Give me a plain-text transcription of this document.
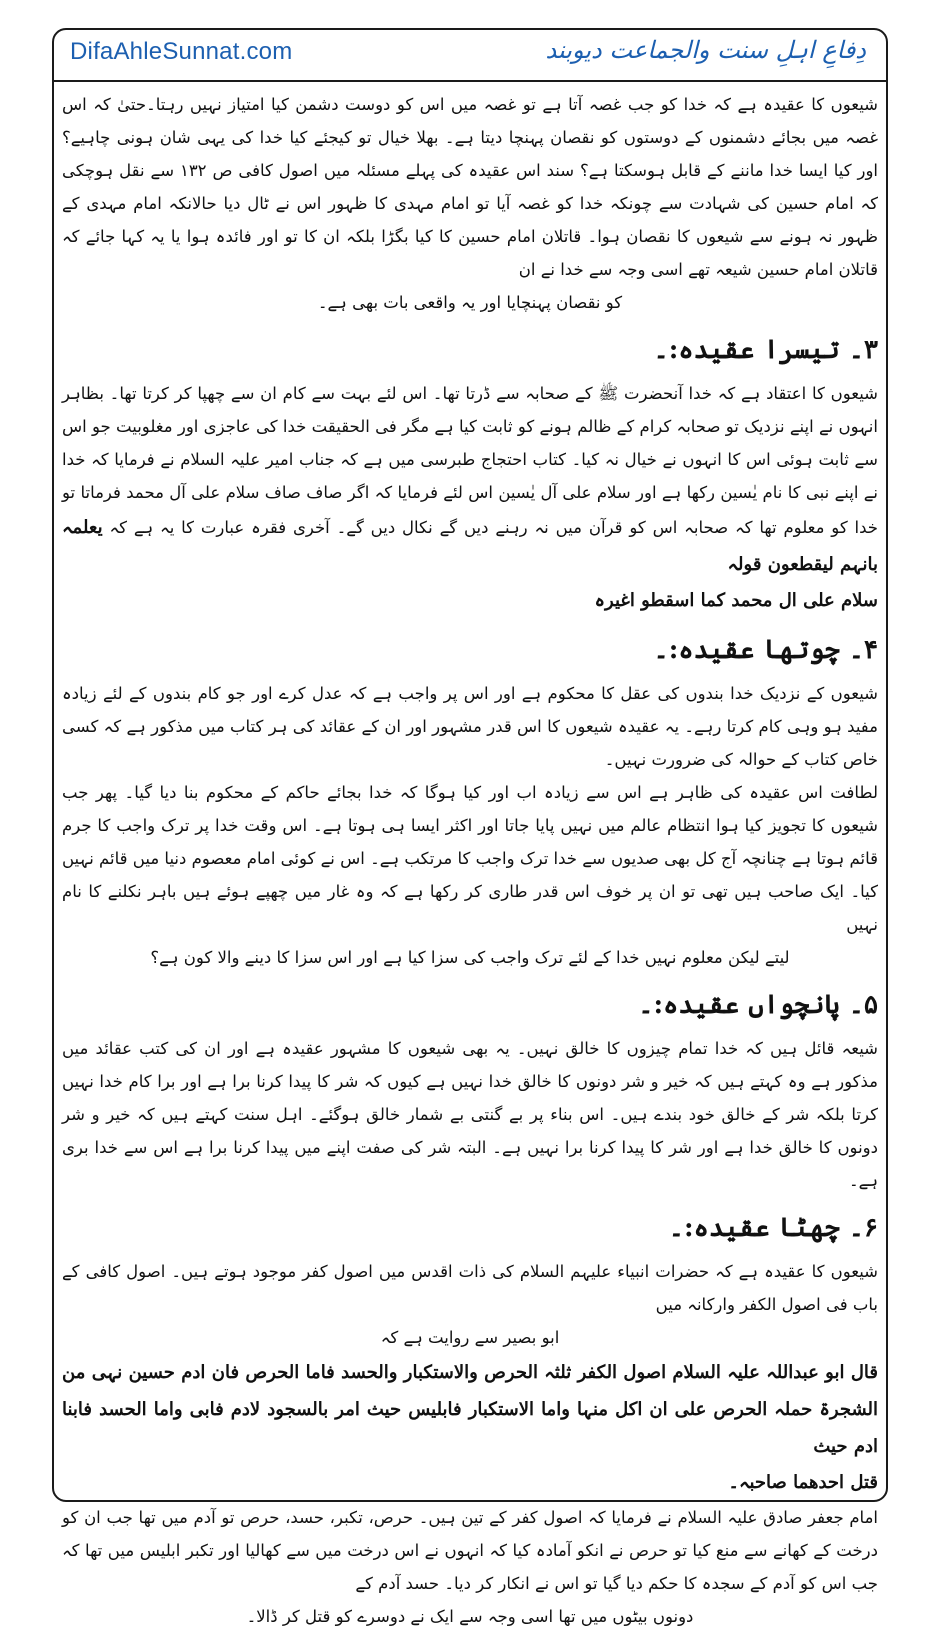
DifaAhleSunnat.com	دِفاعِ اہلِ سنت والجماعت دیوبند

شیعوں کا عقیدہ ہے کہ خدا کو جب غصہ آتا ہے تو غصہ میں اس کو دوست دشمن کیا امتیاز نہیں رہتا۔حتیٰ کہ اس غصہ میں بجائے دشمنوں کے دوستوں کو نقصان پہنچا دیتا ہے۔ بھلا خیال تو کیجئے کیا خدا کی یہی شان ہونی چاہیے؟ اور کیا ایسا خدا ماننے کے قابل ہوسکتا ہے؟ سند اس عقیدہ کی پہلے مسئلہ میں اصول کافی ص ۱۳۲ سے نقل ہوچکی کہ امام حسین کی شہادت سے چونکہ خدا کو غصہ آیا تو امام مہدی کا ظہور اس نے ٹال دیا حالانکہ امام مہدی کے ظہور نہ ہونے سے شیعوں کا نقصان ہوا۔ قاتلان امام حسین کا کیا بگڑا بلکہ ان کا تو اور فائدہ ہوا یا یہ کہا جائے کہ قاتلان امام حسین شیعہ تھے اسی وجہ سے خدا نے ان

کو نقصان پہنچایا اور یہ واقعی بات بھی ہے۔

۳۔ تیسرا عقیدہ:۔

شیعوں کا اعتقاد ہے کہ خدا آنحضرت ﷺ کے صحابہ سے ڈرتا تھا۔ اس لئے بہت سے کام ان سے چھپا کر کرتا تھا۔ بظاہر انہوں نے اپنے نزدیک تو صحابہ کرام کے ظالم ہونے کو ثابت کیا ہے مگر فی الحقیقت خدا کی عاجزی اور مغلوبیت جو اس سے ثابت ہوئی اس کا انہوں نے خیال نہ کیا۔ کتاب احتجاج طبرسی میں ہے کہ جناب امیر علیہ السلام نے فرمایا کہ خدا نے اپنے نبی کا نام یٰسین رکھا ہے اور سلام علی آل یٰسین اس لئے فرمایا کہ اگر صاف صاف سلام علی آل محمد فرماتا تو خدا کو معلوم تھا کہ صحابہ اس کو قرآن میں نہ رہنے دیں گے نکال دیں گے۔ آخری فقرہ عبارت کا یہ ہے کہ یعلمہ بانہم لیقطعون قولہ

سلام علی ال محمد کما اسقطو اغیرہ

۴۔ چوتھا عقیدہ:۔

شیعوں کے نزدیک خدا بندوں کی عقل کا محکوم ہے اور اس پر واجب ہے کہ عدل کرے اور جو کام بندوں کے لئے زیادہ مفید ہو وہی کام کرتا رہے۔ یہ عقیدہ شیعوں کا اس قدر مشہور اور ان کے عقائد کی ہر کتاب میں مذکور ہے کہ کسی خاص کتاب کے حوالہ کی ضرورت نہیں۔

لطافت اس عقیدہ کی ظاہر ہے اس سے زیادہ اب اور کیا ہوگا کہ خدا بجائے حاکم کے محکوم بنا دیا گیا۔ پھر جب شیعوں کا تجویز کیا ہوا انتظام عالم میں نہیں پایا جاتا اور اکثر ایسا ہی ہوتا ہے۔ اس وقت خدا پر ترک واجب کا جرم قائم ہوتا ہے چنانچہ آج کل بھی صدیوں سے خدا ترک واجب کا مرتکب ہے۔ اس نے کوئی امام معصوم دنیا میں قائم نہیں کیا۔ ایک صاحب ہیں تھی تو ان پر خوف اس قدر طاری کر رکھا ہے کہ وہ غار میں چھپے ہوئے ہیں باہر نکلنے کا نام نہیں

لیتے لیکن معلوم نہیں خدا کے لئے ترک واجب کی سزا کیا ہے اور اس سزا کا دینے والا کون ہے؟

۵۔ پانچواں عقیدہ:۔

شیعہ قائل ہیں کہ خدا تمام چیزوں کا خالق نہیں۔ یہ بھی شیعوں کا مشہور عقیدہ ہے اور ان کی کتب عقائد میں مذکور ہے وہ کہتے ہیں کہ خیر و شر دونوں کا خالق خدا نہیں ہے کیوں کہ شر کا پیدا کرنا برا ہے اور برا کام خدا نہیں کرتا بلکہ شر کے خالق خود بندے ہیں۔ اس بناء پر بے گنتی بے شمار خالق ہوگئے۔ اہل سنت کہتے ہیں کہ خیر و شر دونوں کا خالق خدا ہے اور شر کا پیدا کرنا برا نہیں ہے۔ البتہ شر کی صفت اپنے میں پیدا کرنا برا ہے اس سے خدا بری ہے۔

۶۔ چھٹا عقیدہ:۔

شیعوں کا عقیدہ ہے کہ حضرات انبیاء علیہم السلام کی ذات اقدس میں اصول کفر موجود ہوتے ہیں۔ اصول کافی کے باب فی اصول الکفر وارکانہ میں

ابو بصیر سے روایت ہے کہ

قال ابو عبداللہ علیہ السلام اصول الکفر ثلثہ الحرص والاستکبار والحسد فاما الحرص فان ادم حسین نہی من الشجرۃ حملہ الحرص علی ان اکل منہا واما الاستکبار فابلیس حیث امر بالسجود لادم فابی واما الحسد فابنا ادم حیث

قتل احدھما صاحبہ۔

امام جعفر صادق علیہ السلام نے فرمایا کہ اصول کفر کے تین ہیں۔ حرص، تکبر، حسد، حرص تو آدم میں تھا جب ان کو درخت کے کھانے سے منع کیا تو حرص نے انکو آمادہ کیا کہ انہوں نے اس درخت میں سے کھالیا اور تکبر ابلیس میں تھا کہ جب اس کو آدم کے سجدہ کا حکم دیا گیا تو اس نے انکار کر دیا۔ حسد آدم کے

دونوں بیٹوں میں تھا اسی وجہ سے ایک نے دوسرے کو قتل کر ڈالا۔
